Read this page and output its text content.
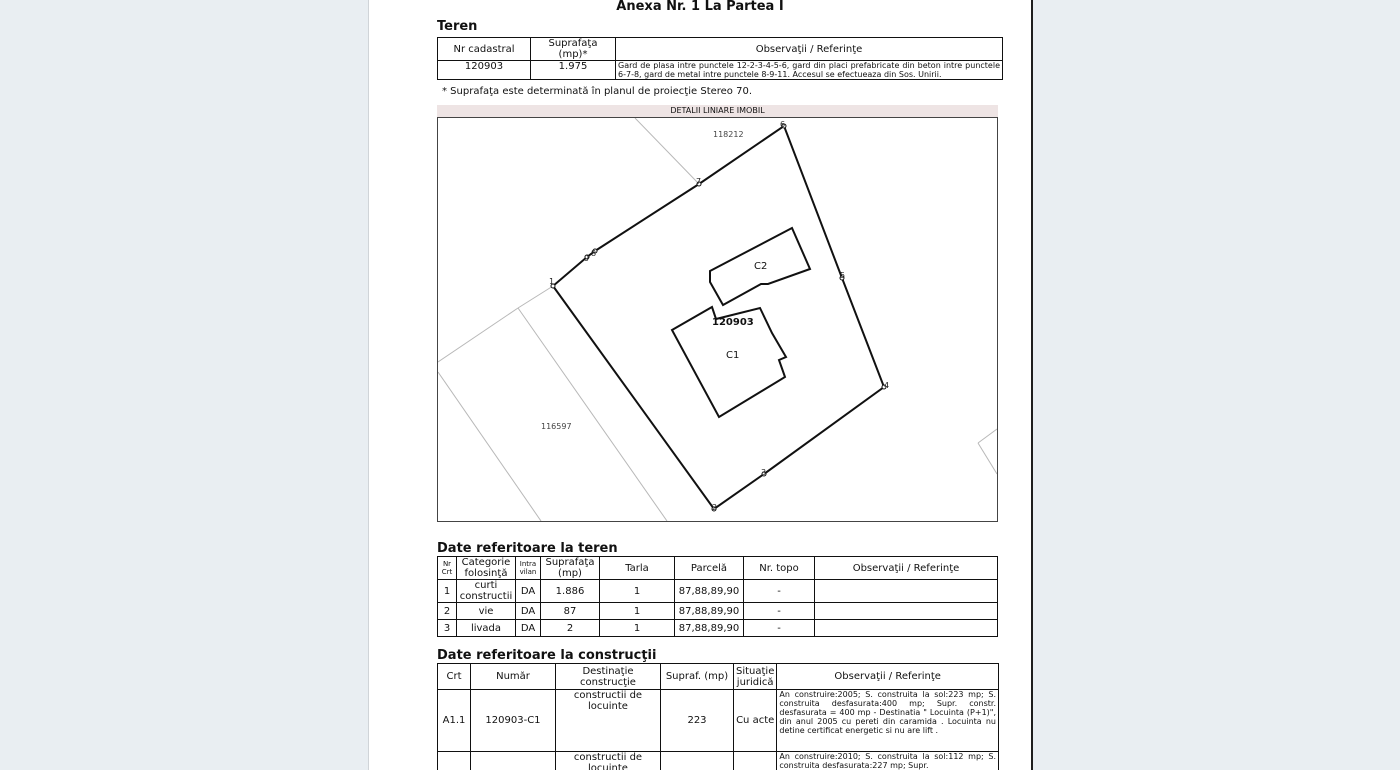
Anexa Nr. 1 La Partea I
Teren
Nr cadastral	Suprafaţa (mp)*	Observaţii / Referinţe
120903	1.975	Gard de plasa intre punctele 12-2-3-4-5-6, gard din placi prefabricate din beton intre punctele 6-7-8, gard de metal intre punctele 8-9-11. Accesul se efectueaza din Sos. Unirii.
* Suprafaţa este determinată în planul de proiecţie Stereo 70.
DETALII LINIARE IMOBIL
1
2
3
4
5
6
7
8
9
120903
C1
C2
118212
116597
Date referitoare la teren
Nr Crt	Categorie folosinţă	Intra vilan	Suprafaţa (mp)	Tarla	Parcelă	Nr. topo	Observaţii / Referinţe
1	curti constructii	DA	1.886	1	87,88,89,90	-	
2	vie	DA	87	1	87,88,89,90	-	
3	livada	DA	2	1	87,88,89,90	-	
Date referitoare la construcţii
Crt	Număr	Destinaţie construcţie	Supraf. (mp)	Situaţie juridică	Observaţii / Referinţe
A1.1	120903-C1	constructii de locuinte	223	Cu acte	An construire:2005; S. construita la sol:223 mp; S. construita desfasurata:400 mp; Supr. constr. desfasurata = 400 mp - Destinatia " Locuinta (P+1)", din anul 2005 cu pereti din caramida . Locuinta nu detine certificat energetic si nu are lift .
		constructii de locuinte			An construire:2010; S. construita la sol:112 mp; S. construita desfasurata:227 mp; Supr.
